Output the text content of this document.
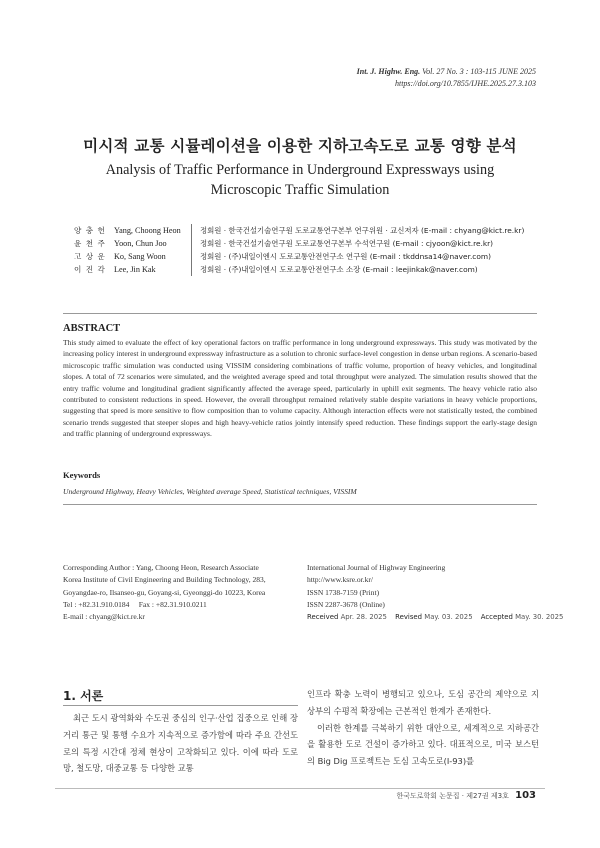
Int. J. Highw. Eng. Vol. 27 No. 3 : 103-115 JUNE 2025
https://doi.org/10.7855/IJHE.2025.27.3.103
미시적 교통 시뮬레이션을 이용한 지하고속도로 교통 영향 분석
Analysis of Traffic Performance in Underground Expressways using Microscopic Traffic Simulation
양 충 헌 Yang, Choong Heon	정회원 · 한국건설기술연구원 도로교통연구본부 연구위원 · 교신저자 (E-mail : chyang@kict.re.kr)
윤 천 주 Yoon, Chun Joo	정회원 · 한국건설기술연구원 도로교통연구본부 수석연구원 (E-mail : cjyoon@kict.re.kr)
고 상 운 Ko, Sang Woon	정회원 · (주)내일이엔시 도로교통안전연구소 연구원 (E-mail : tkddnsa14@naver.com)
이 진 각 Lee, Jin Kak	정회원 · (주)내일이엔시 도로교통안전연구소 소장 (E-mail : leejinkak@naver.com)
ABSTRACT
This study aimed to evaluate the effect of key operational factors on traffic performance in long underground expressways. This study was motivated by the increasing policy interest in underground expressway infrastructure as a solution to chronic surface-level congestion in dense urban regions. A scenario-based microscopic traffic simulation was conducted using VISSIM considering combinations of traffic volume, proportion of heavy vehicles, and longitudinal slopes. A total of 72 scenarios were simulated, and the weighted average speed and total throughput were analyzed. The simulation results showed that the entry traffic volume and longitudinal gradient significantly affected the average speed, particularly in uphill exit segments. The heavy vehicle ratio also contributed to consistent reductions in speed. However, the overall throughput remained relatively stable despite variations in heavy vehicle proportions, suggesting that speed is more sensitive to flow composition than to volume capacity. Although interaction effects were not statistically tested, the combined scenario trends suggested that steeper slopes and high heavy-vehicle ratios jointly intensify speed reduction. These findings support the early-stage design and traffic planning of underground expressways.
Keywords
Underground Highway, Heavy Vehicles, Weighted average Speed, Statistical techniques, VISSIM
Corresponding Author : Yang, Choong Heon, Research Associate
Korea Institute of Civil Engineering and Building Technology, 283,
Goyangdae-ro, Ilsanseo-gu, Goyang-si, Gyeonggi-do 10223, Korea
Tel : +82.31.910.0184     Fax : +82.31.910.0211
E-mail : chyang@kict.re.kr
International Journal of Highway Engineering
http://www.ksre.or.kr/
ISSN 1738-7159 (Print)
ISSN 2287-3678 (Online)
Received Apr. 28. 2025 Revised May. 03. 2025 Accepted May. 30. 2025
1. 서론

최근 도시 광역화와 수도권 중심의 인구·산업 집중으로 인해 장거리 통근 및 통행 수요가 지속적으로 증가함에 따라 주요 간선도로의 특정 시간대 정체 현상이 고착화되고 있다. 이에 따라 도로망, 철도망, 대중교통 등 다양한 교통

인프라 확충 노력이 병행되고 있으나, 도심 공간의 제약으로 지상부의 수평적 확장에는 근본적인 한계가 존재한다.

이러한 한계를 극복하기 위한 대안으로, 세계적으로 지하공간을 활용한 도로 건설이 증가하고 있다. 대표적으로, 미국 보스턴의 Big Dig 프로젝트는 도심 고속도로(I-93)를

한국도로학회 논문집 · 제27권 제3호 103
